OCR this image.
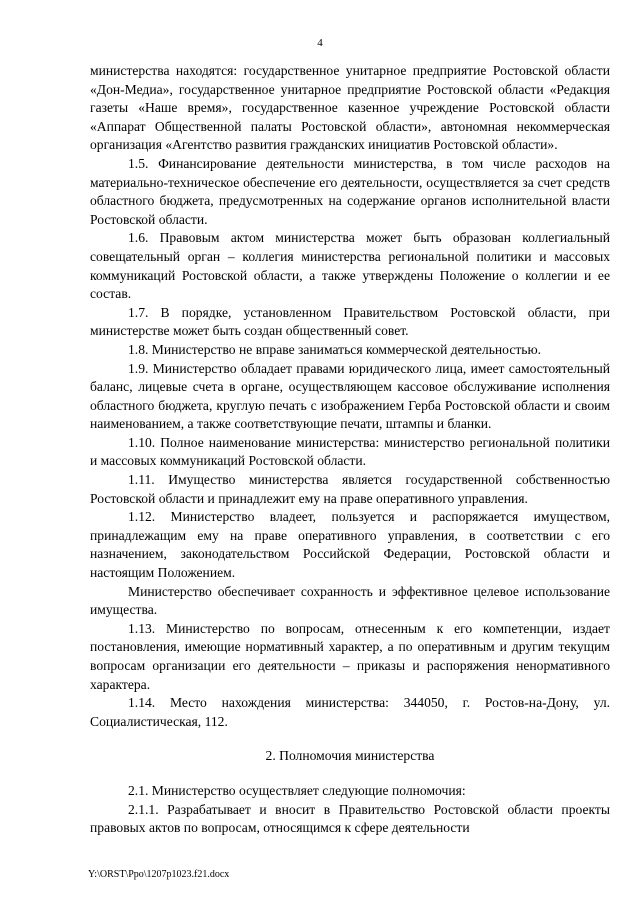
4

министерства находятся: государственное унитарное предприятие Ростовской области «Дон-Медиа», государственное унитарное предприятие Ростовской области «Редакция газеты «Наше время», государственное казенное учреждение Ростовской области «Аппарат Общественной палаты Ростовской области», автономная некоммерческая организация «Агентство развития гражданских инициатив Ростовской области».

1.5. Финансирование деятельности министерства, в том числе расходов на материально-техническое обеспечение его деятельности, осуществляется за счет средств областного бюджета, предусмотренных на содержание органов исполнительной власти Ростовской области.

1.6. Правовым актом министерства может быть образован коллегиальный совещательный орган – коллегия министерства региональной политики и массовых коммуникаций Ростовской области, а также утверждены Положение о коллегии и ее состав.

1.7. В порядке, установленном Правительством Ростовской области, при министерстве может быть создан общественный совет.

1.8. Министерство не вправе заниматься коммерческой деятельностью.

1.9. Министерство обладает правами юридического лица, имеет самостоятельный баланс, лицевые счета в органе, осуществляющем кассовое обслуживание исполнения областного бюджета, круглую печать с изображением Герба Ростовской области и своим наименованием, а также соответствующие печати, штампы и бланки.

1.10. Полное наименование министерства: министерство региональной политики и массовых коммуникаций Ростовской области.

1.11. Имущество министерства является государственной собственностью Ростовской области и принадлежит ему на праве оперативного управления.

1.12. Министерство владеет, пользуется и распоряжается имуществом, принадлежащим ему на праве оперативного управления, в соответствии с его назначением, законодательством Российской Федерации, Ростовской области и настоящим Положением.

Министерство обеспечивает сохранность и эффективное целевое использование имущества.

1.13. Министерство по вопросам, отнесенным к его компетенции, издает постановления, имеющие нормативный характер, а по оперативным и другим текущим вопросам организации его деятельности – приказы и распоряжения ненормативного характера.

1.14. Место нахождения министерства: 344050, г. Ростов-на-Дону, ул. Социалистическая, 112.

2. Полномочия министерства

2.1. Министерство осуществляет следующие полномочия:

2.1.1. Разрабатывает и вносит в Правительство Ростовской области проекты правовых актов по вопросам, относящимся к сфере деятельности

Y:\ORST\Ppo\1207p1023.f21.docx
